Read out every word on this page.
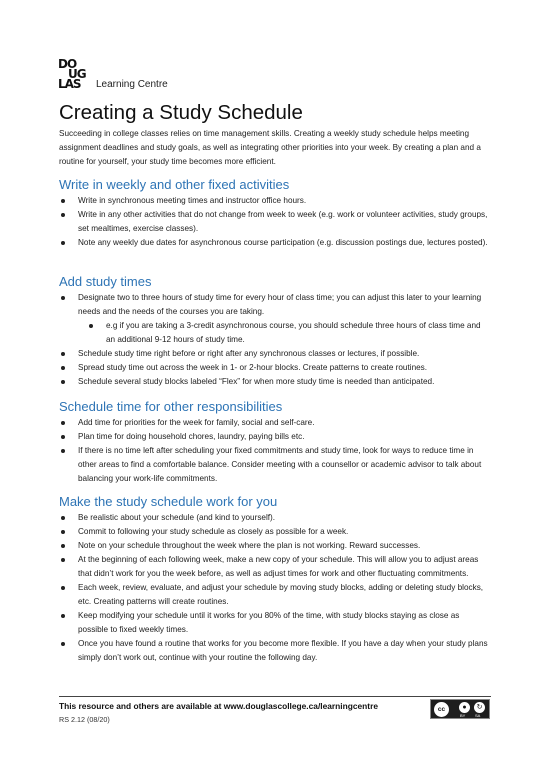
DO
UG
LAS Learning Centre
Creating a Study Schedule

Succeeding in college classes relies on time management skills. Creating a weekly study schedule helps meeting assignment deadlines and study goals, as well as integrating other priorities into your week. By creating a plan and a routine for yourself, your study time becomes more efficient.

Write in weekly and other fixed activities
Write in synchronous meeting times and instructor office hours.
Write in any other activities that do not change from week to week (e.g. work or volunteer activities, study groups, set mealtimes, exercise classes).
Note any weekly due dates for asynchronous course participation (e.g. discussion postings due, lectures posted).
Add study times
Designate two to three hours of study time for every hour of class time; you can adjust this later to your learning needs and the needs of the courses you are taking.
e.g if you are taking a 3-credit asynchronous course, you should schedule three hours of class time and an additional 9-12 hours of study time.
Schedule study time right before or right after any synchronous classes or lectures, if possible.
Spread study time out across the week in 1- or 2-hour blocks. Create patterns to create routines.
Schedule several study blocks labeled “Flex” for when more study time is needed than anticipated.
Schedule time for other responsibilities
Add time for priorities for the week for family, social and self-care.
Plan time for doing household chores, laundry, paying bills etc.
If there is no time left after scheduling your fixed commitments and study time, look for ways to reduce time in other areas to find a comfortable balance. Consider meeting with a counsellor or academic advisor to talk about balancing your work-life commitments.
Make the study schedule work for you
Be realistic about your schedule (and kind to yourself).
Commit to following your study schedule as closely as possible for a week.
Note on your schedule throughout the week where the plan is not working. Reward successes.
At the beginning of each following week, make a new copy of your schedule. This will allow you to adjust areas that didn’t work for you the week before, as well as adjust times for work and other fluctuating commitments.
Each week, review, evaluate, and adjust your schedule by moving study blocks, adding or deleting study blocks, etc. Creating patterns will create routines.
Keep modifying your schedule until it works for you 80% of the time, with study blocks staying as close as possible to fixed weekly times.
Once you have found a routine that works for you become more flexible. If you have a day when your study plans simply don’t work out, continue with your routine the following day.
This resource and others are available at www.douglascollege.ca/learningcentre
RS 2.12 (08/20)
cc	●	↻
BY SA
